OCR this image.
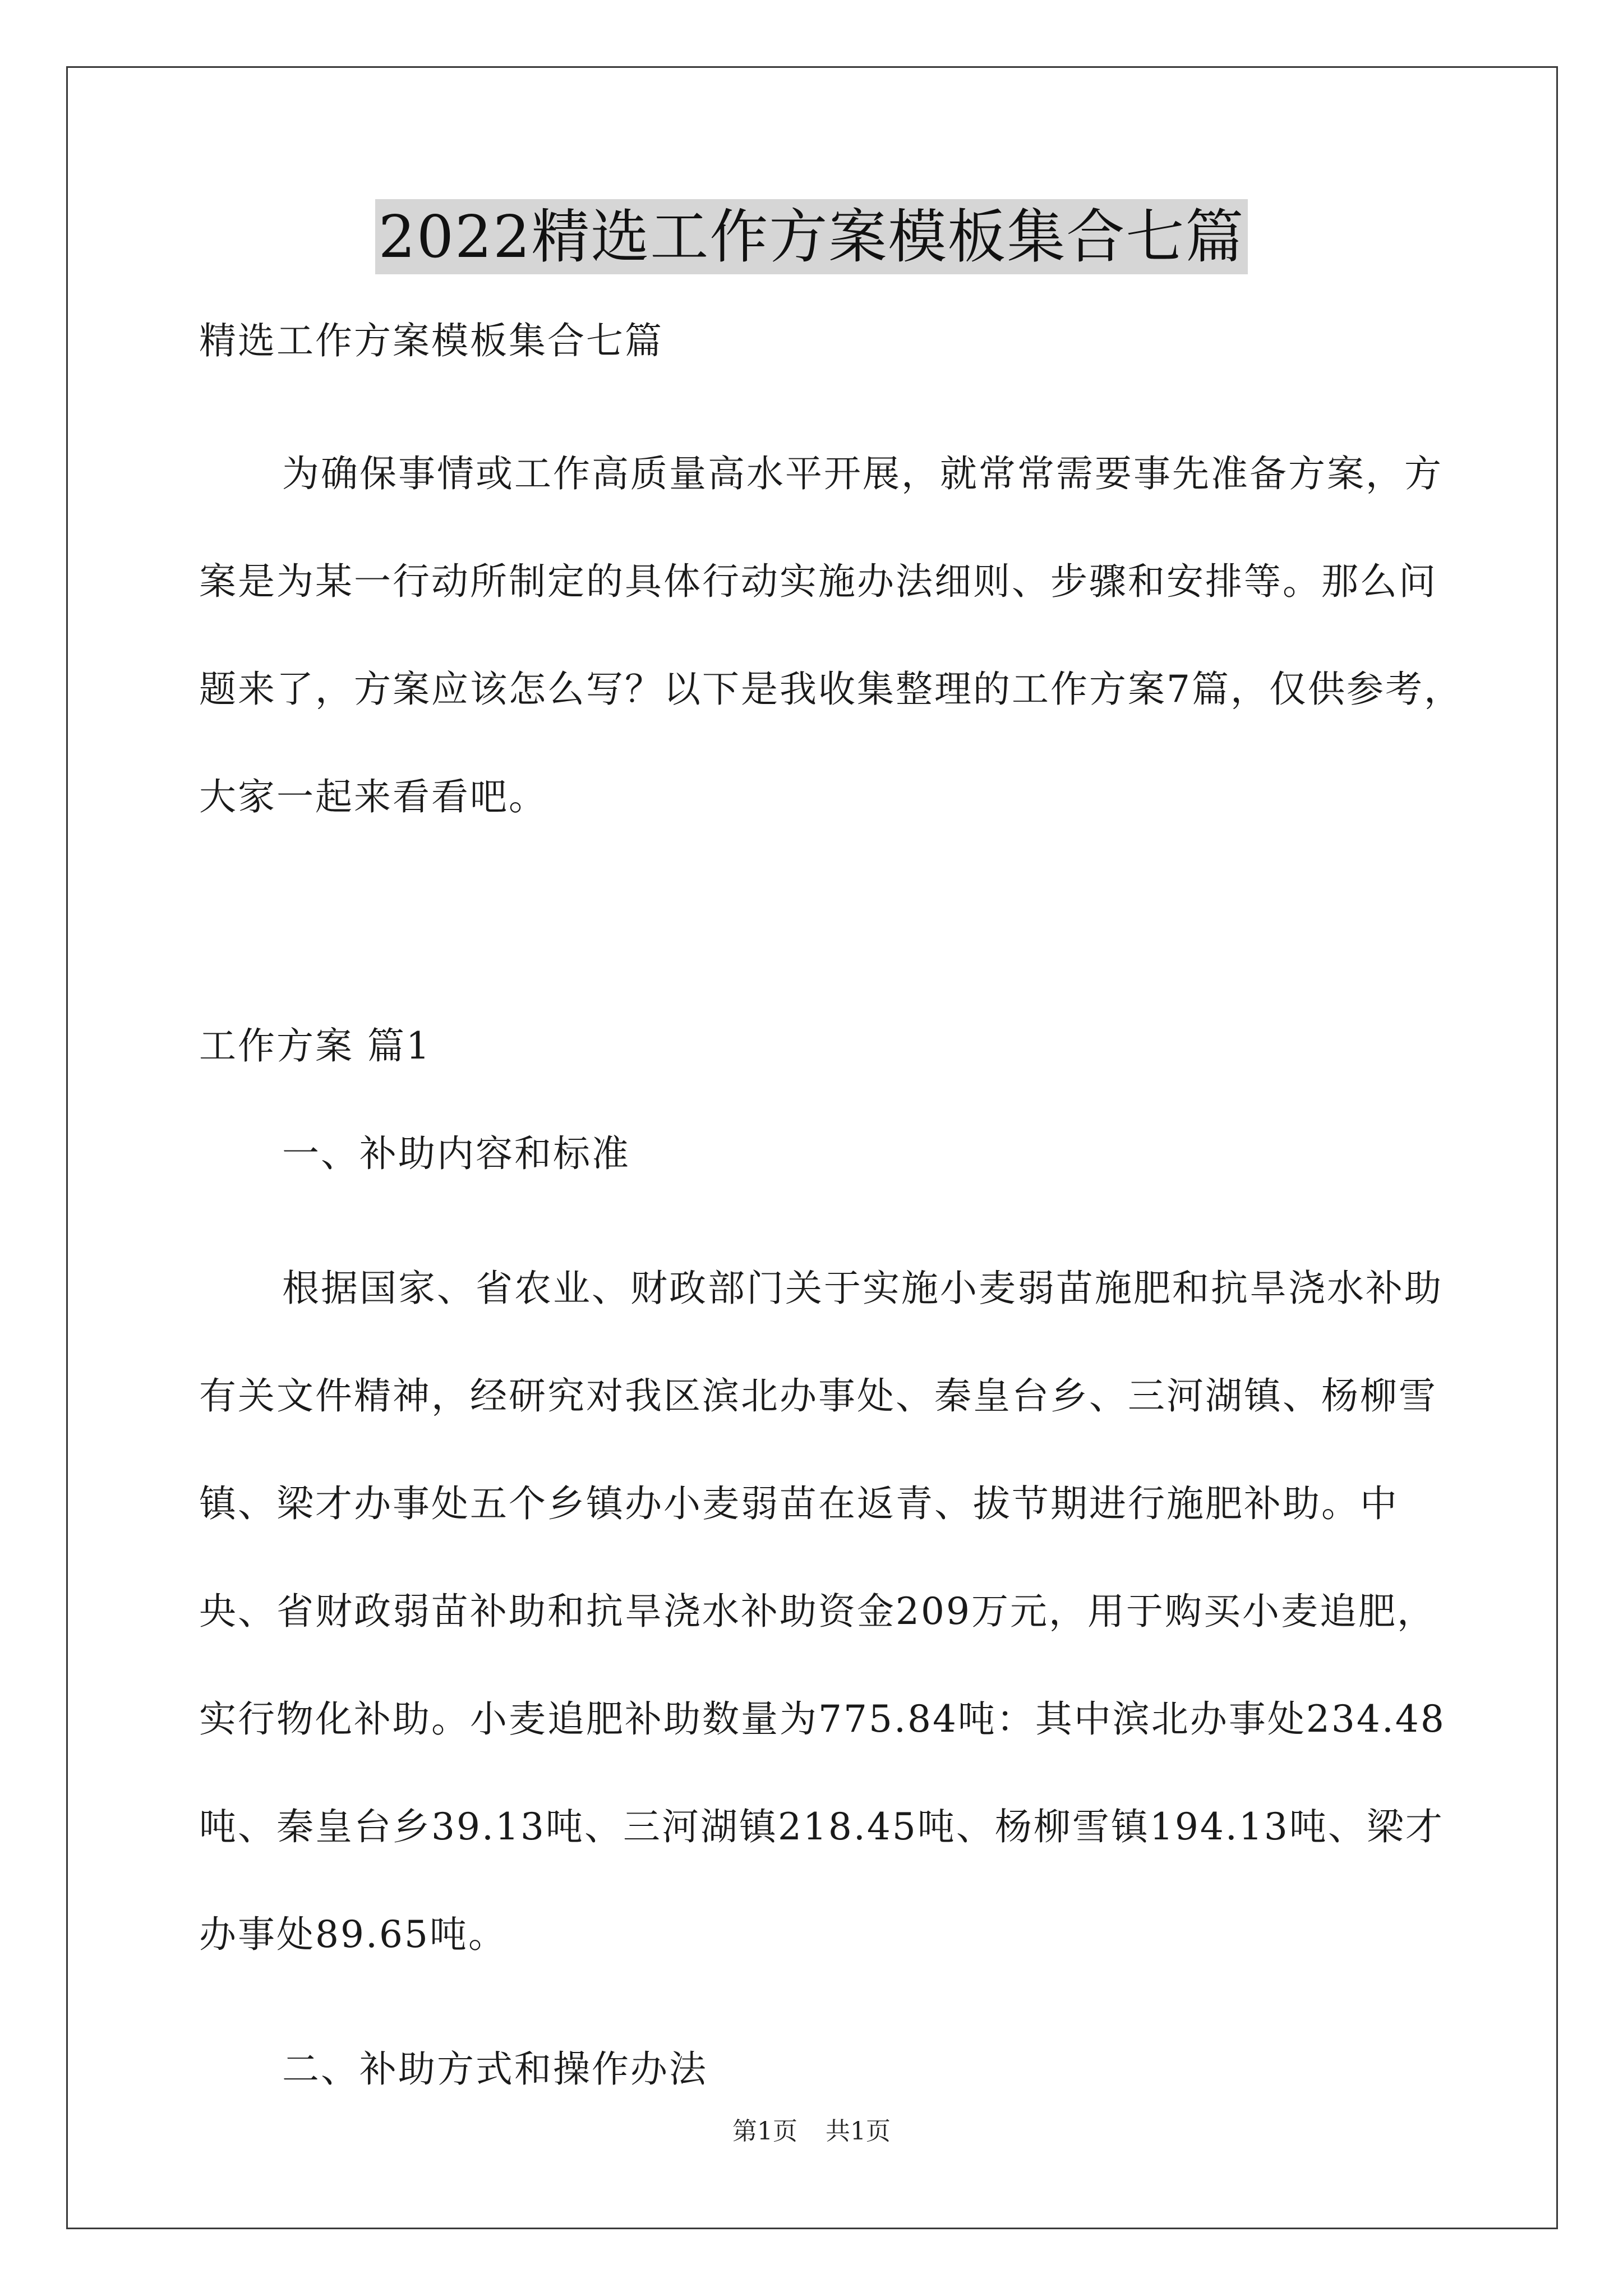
2022精选工作方案模板集合七篇

精选工作方案模板集合七篇

为确保事情或工作高质量高水平开展，就常常需要事先准备方案，方案是为某一行动所制定的具体行动实施办法细则、步骤和安排等。那么问题来了，方案应该怎么写？以下是我收集整理的工作方案7篇，仅供参考，大家一起来看看吧。

工作方案 篇1

一、补助内容和标准

根据国家、省农业、财政部门关于实施小麦弱苗施肥和抗旱浇水补助有关文件精神，经研究对我区滨北办事处、秦皇台乡、三河湖镇、杨柳雪镇、梁才办事处五个乡镇办小麦弱苗在返青、拔节期进行施肥补助。中央、省财政弱苗补助和抗旱浇水补助资金209万元，用于购买小麦追肥，实行物化补助。小麦追肥补助数量为775.84吨：其中滨北办事处234.48吨、秦皇台乡39.13吨、三河湖镇218.45吨、杨柳雪镇194.13吨、梁才办事处89.65吨。

二、补助方式和操作办法

第1页 共1页
